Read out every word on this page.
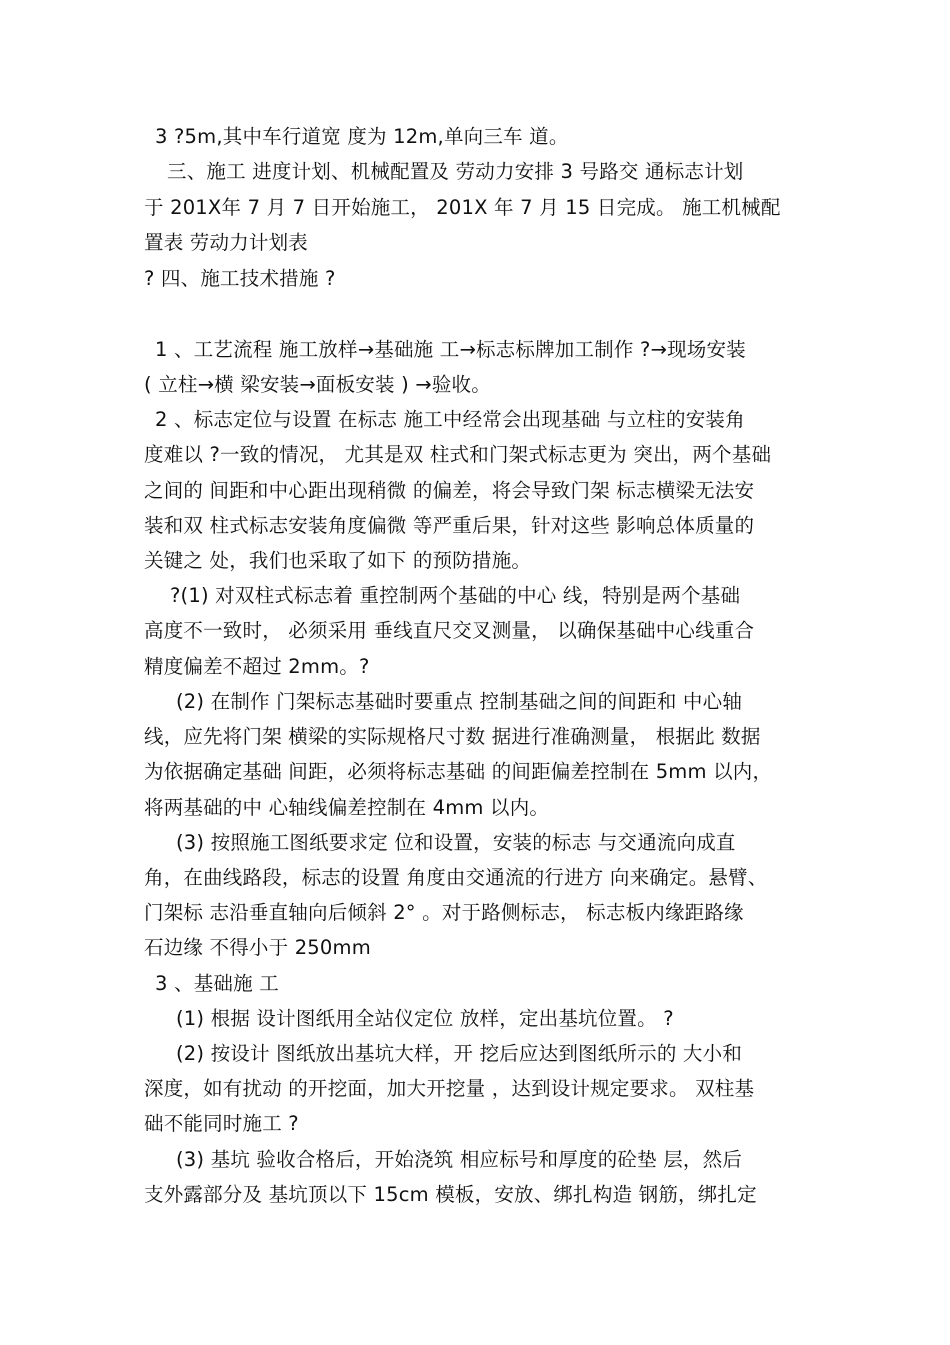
3 ?5m,其中车行道宽 度为 12m,单向三车 道。

三、施工 进度计划、机械配置及 劳动力安排 3 号路交 通标志计划

于 201X年 7 月 7 日开始施工， 201X 年 7 月 15 日完成。 施工机械配

置表 劳动力计划表

? 四、施工技术措施 ?

1 、工艺流程 施工放样→基础施 工→标志标牌加工制作 ?→现场安装

( 立柱→横 梁安装→面板安装 ) →验收。

2 、标志定位与设置 在标志 施工中经常会出现基础 与立柱的安装角

度难以 ?一致的情况， 尤其是双 柱式和门架式标志更为 突出，两个基础

之间的 间距和中心距出现稍微 的偏差，将会导致门架 标志横梁无法安

装和双 柱式标志安装角度偏微 等严重后果，针对这些 影响总体质量的

关键之 处，我们也采取了如下 的预防措施。

?(1) 对双柱式标志着 重控制两个基础的中心 线，特别是两个基础

高度不一致时， 必须采用 垂线直尺交叉测量， 以确保基础中心线重合

精度偏差不超过 2mm。?

(2) 在制作 门架标志基础时要重点 控制基础之间的间距和 中心轴

线，应先将门架 横梁的实际规格尺寸数 据进行准确测量， 根据此 数据

为依据确定基础 间距，必须将标志基础 的间距偏差控制在 5mm 以内，

将两基础的中 心轴线偏差控制在 4mm 以内。

(3) 按照施工图纸要求定 位和设置，安装的标志 与交通流向成直

角，在曲线路段，标志的设置 角度由交通流的行进方 向来确定。悬臂、

门架标 志沿垂直轴向后倾斜 2° 。对于路侧标志， 标志板内缘距路缘

石边缘 不得小于 250mm

3 、基础施 工

(1) 根据 设计图纸用全站仪定位 放样，定出基坑位置。 ?

(2) 按设计 图纸放出基坑大样，开 挖后应达到图纸所示的 大小和

深度，如有扰动 的开挖面，加大开挖量 ，达到设计规定要求。 双柱基

础不能同时施工 ?

(3) 基坑 验收合格后，开始浇筑 相应标号和厚度的砼垫 层，然后

支外露部分及 基坑顶以下 15cm 模板，安放、绑扎构造 钢筋，绑扎定
